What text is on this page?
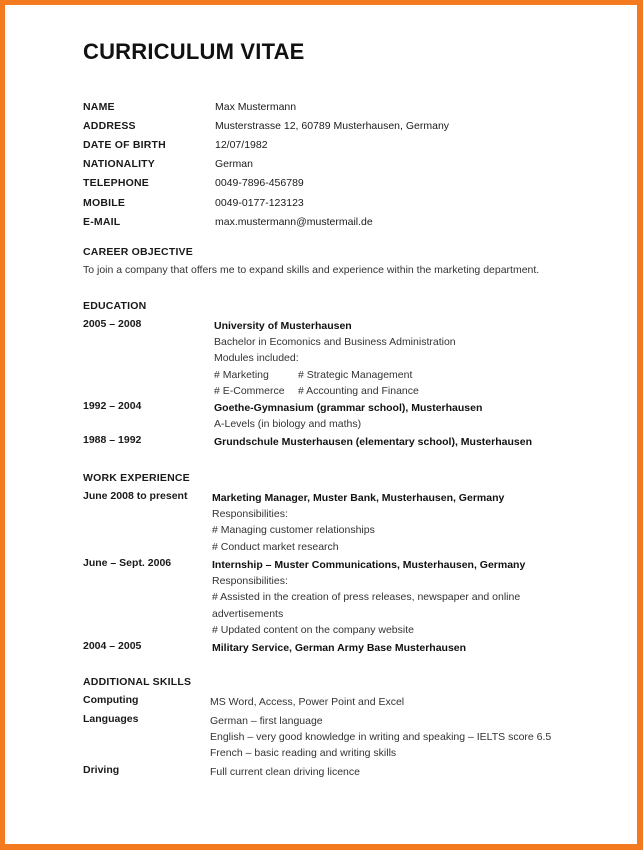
CURRICULUM VITAE
NAME	Max Mustermann
ADDRESS	Musterstrasse 12, 60789 Musterhausen, Germany
DATE OF BIRTH	12/07/1982
NATIONALITY	German
TELEPHONE	0049-7896-456789
MOBILE	0049-0177-123123
E-MAIL	max.mustermann@mustermail.de
CAREER OBJECTIVE
To join a company that offers me to expand skills and experience within the marketing department.
EDUCATION
2005 – 2008	University of Musterhausen
Bachelor in Ecomonics and Business Administration
Modules included:
# Marketing	# Strategic Management
# E-Commerce	# Accounting and Finance
1992 – 2004	Goethe-Gymnasium (grammar school), Musterhausen
A-Levels (in biology and maths)
1988 – 1992	Grundschule Musterhausen (elementary school), Musterhausen
WORK EXPERIENCE
June 2008 to present	Marketing Manager, Muster Bank, Musterhausen, Germany
Responsibilities:
# Managing customer relationships
# Conduct market research
June – Sept. 2006	Internship – Muster Communications, Musterhausen, Germany
Responsibilities:
# Assisted in the creation of press releases, newspaper and online
advertisements
# Updated content on the company website
2004 – 2005	Military Service, German Army Base Musterhausen
ADDITIONAL SKILLS
Computing	MS Word, Access, Power Point and Excel
Languages	German – first language
English – very good knowledge in writing and speaking – IELTS score 6.5
French – basic reading and writing skills
Driving	Full current clean driving licence
